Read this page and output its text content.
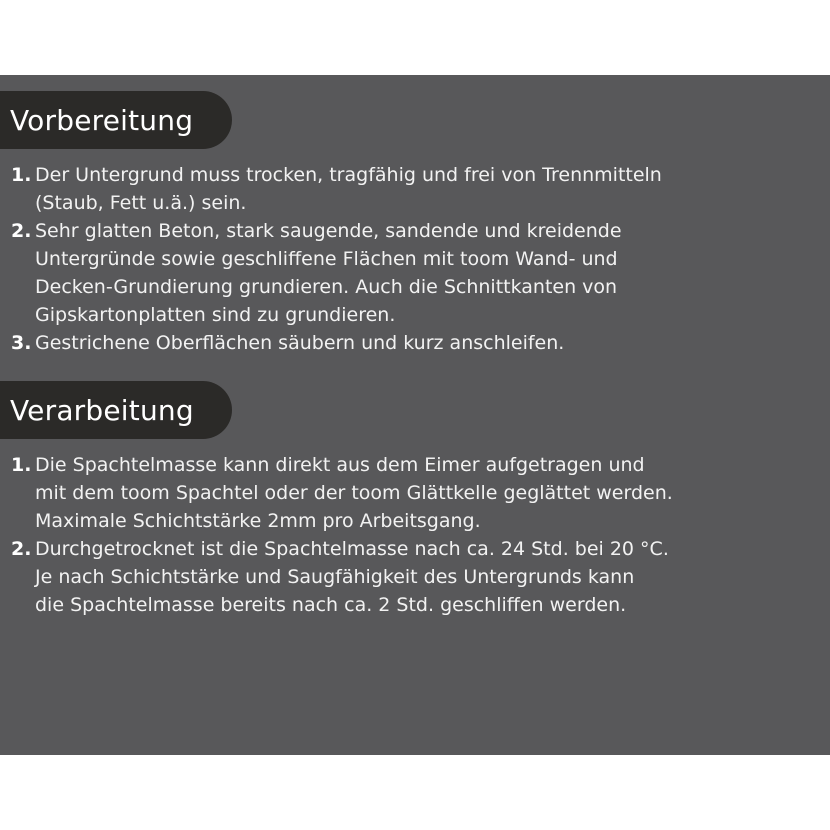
Vorbereitung
1. Der Untergrund muss trocken, tragfähig und frei von Trennmitteln
(Staub, Fett u.ä.) sein.
2. Sehr glatten Beton, stark saugende, sandende und kreidende
Untergründe sowie geschliffene Flächen mit toom Wand- und
Decken-Grundierung grundieren. Auch die Schnittkanten von
Gipskartonplatten sind zu grundieren.
3. Gestrichene Oberflächen säubern und kurz anschleifen.
Verarbeitung
1. Die Spachtelmasse kann direkt aus dem Eimer aufgetragen und
mit dem toom Spachtel oder der toom Glättkelle geglättet werden.
Maximale Schichtstärke 2mm pro Arbeitsgang.
2. Durchgetrocknet ist die Spachtelmasse nach ca. 24 Std. bei 20 °C.
Je nach Schichtstärke und Saugfähigkeit des Untergrunds kann
die Spachtelmasse bereits nach ca. 2 Std. geschliffen werden.
